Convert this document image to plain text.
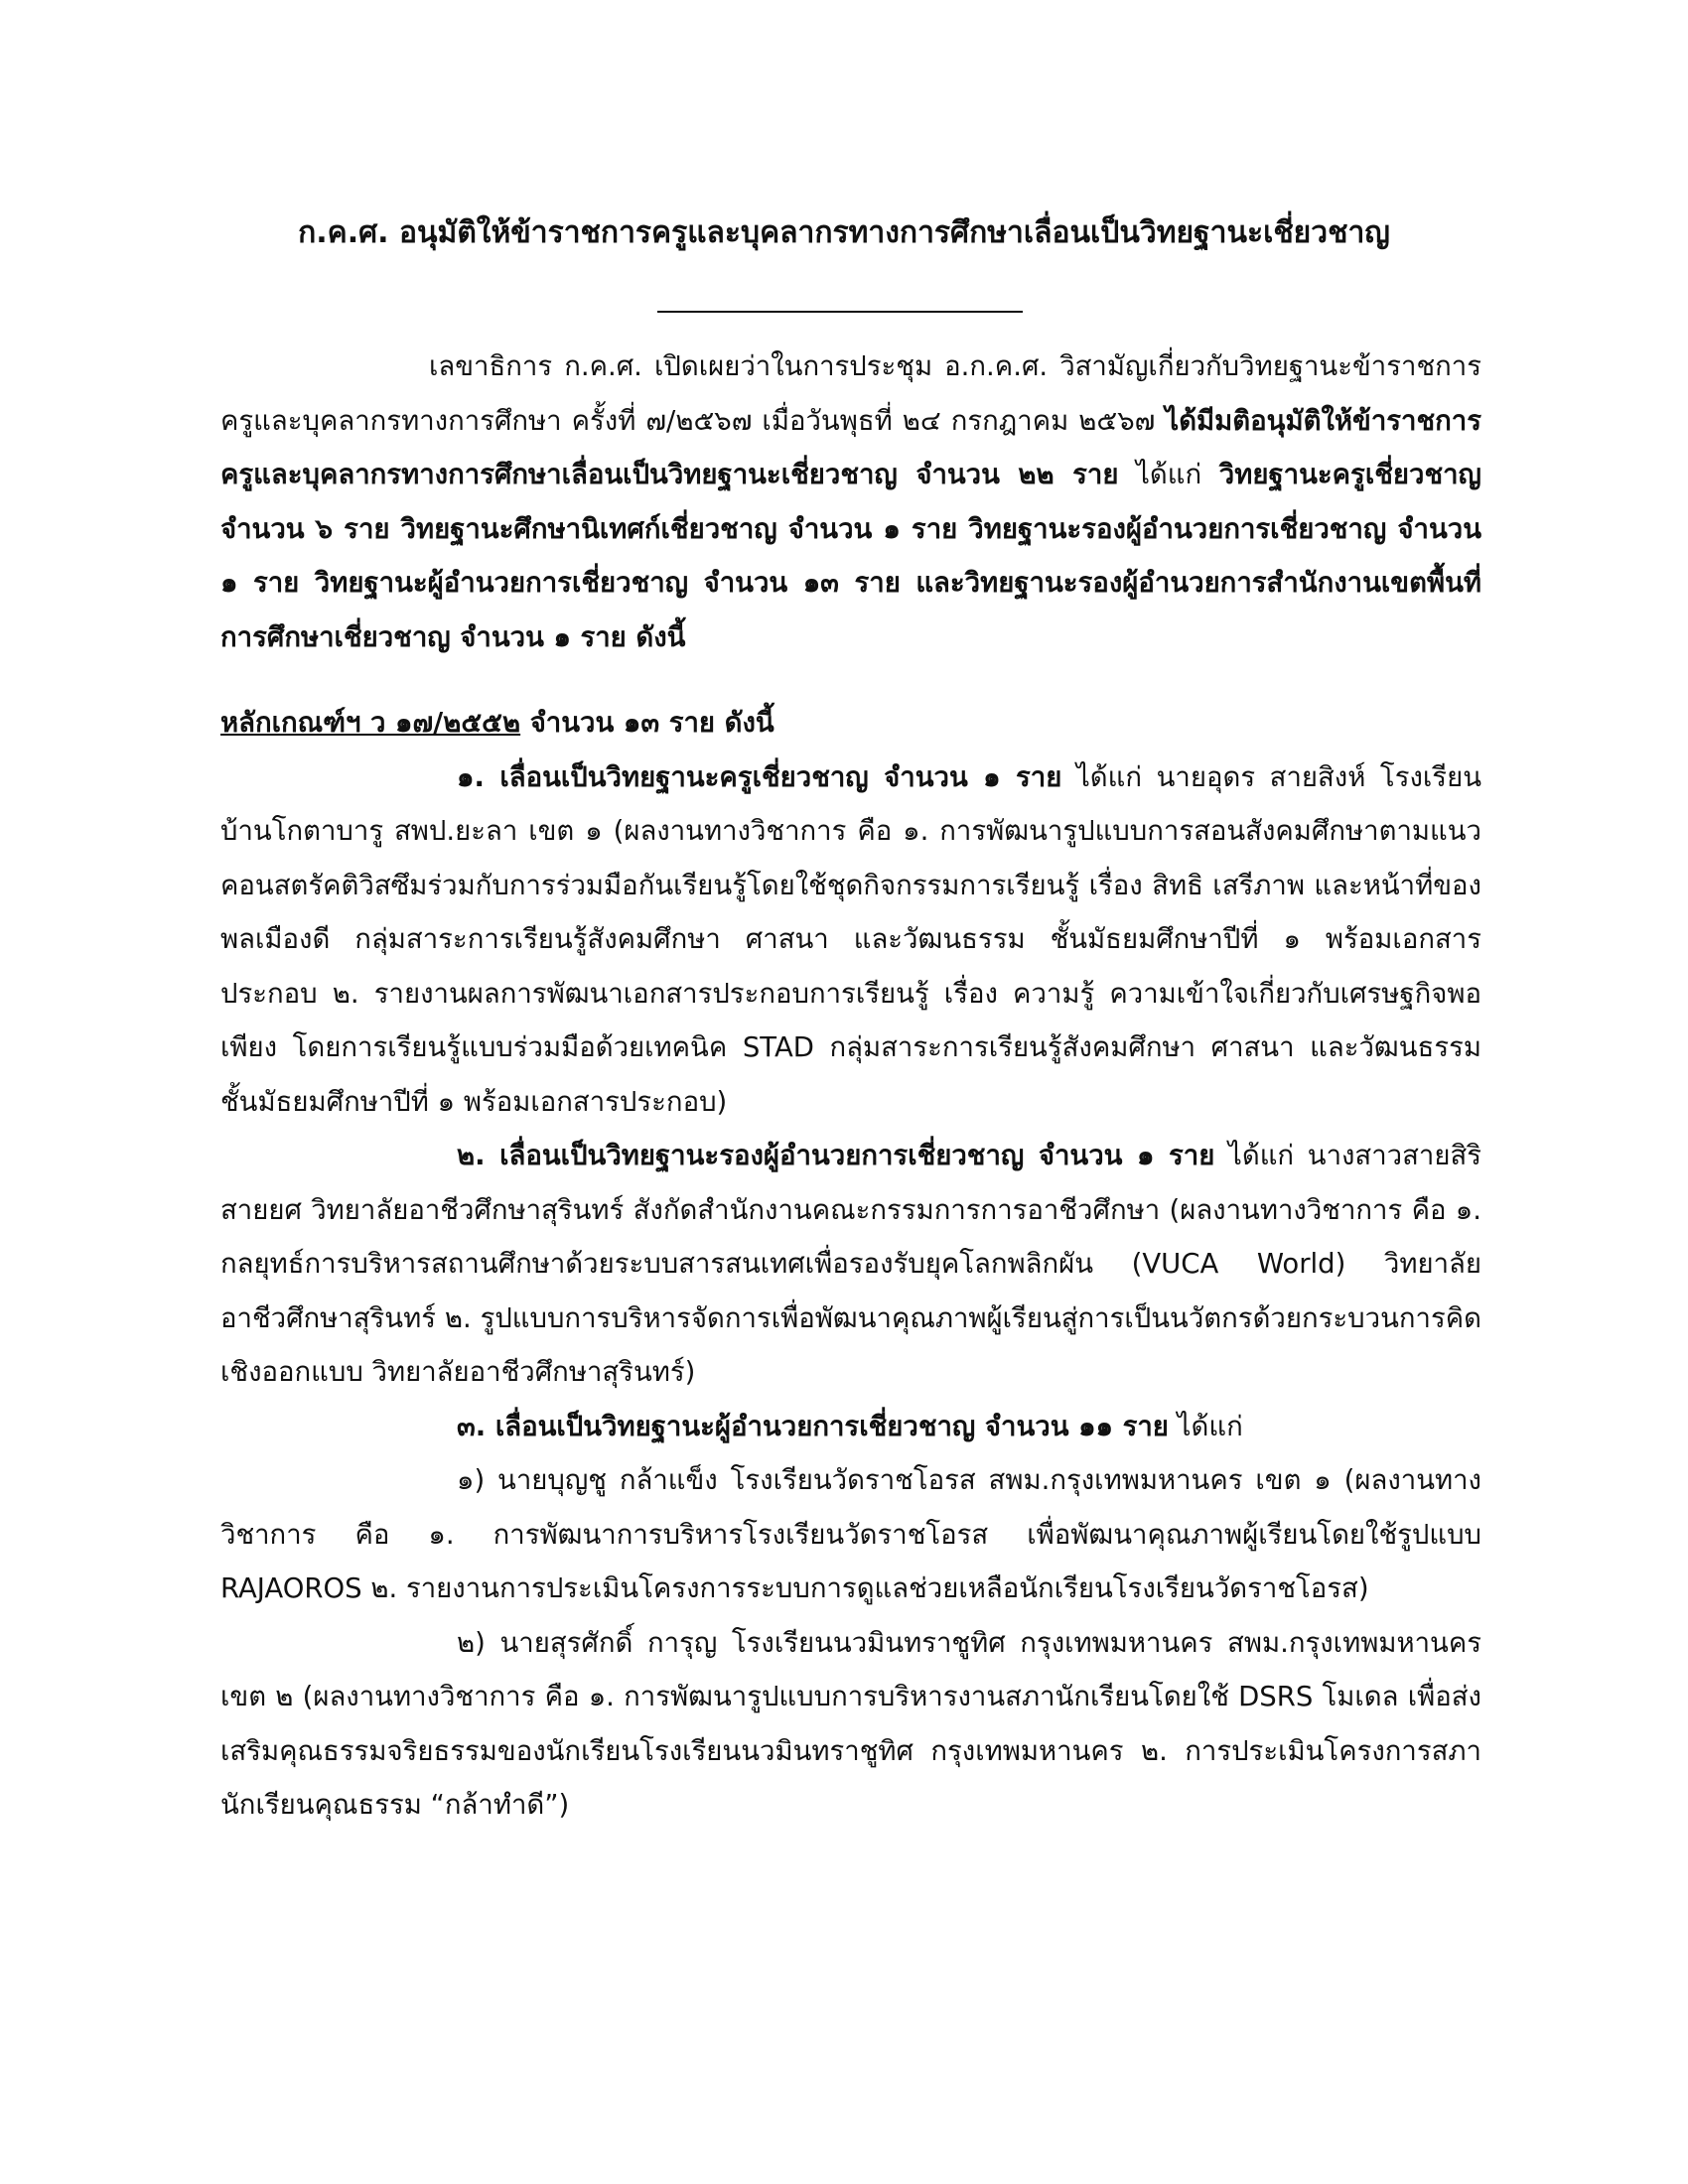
ก.ค.ศ. อนุมัติให้ข้าราชการครูและบุคลากรทางการศึกษาเลื่อนเป็นวิทยฐานะเชี่ยวชาญ

เลขาธิการ ก.ค.ศ. เปิดเผยว่าในการประชุม อ.ก.ค.ศ. วิสามัญเกี่ยวกับวิทยฐานะข้าราชการครูและบุคลากรทางการศึกษา ครั้งที่ ๗/๒๕๖๗ เมื่อวันพุธที่ ๒๔ กรกฎาคม ๒๕๖๗ ได้มีมติอนุมัติให้ข้าราชการครูและบุคลากรทางการศึกษาเลื่อนเป็นวิทยฐานะเชี่ยวชาญ จำนวน ๒๒ ราย ได้แก่ วิทยฐานะครูเชี่ยวชาญ จำนวน ๖ ราย วิทยฐานะศึกษานิเทศก์เชี่ยวชาญ จำนวน ๑ ราย วิทยฐานะรองผู้อำนวยการเชี่ยวชาญ จำนวน ๑ ราย วิทยฐานะผู้อำนวยการเชี่ยวชาญ จำนวน ๑๓ ราย และวิทยฐานะรองผู้อำนวยการสำนักงานเขตพื้นที่การศึกษาเชี่ยวชาญ จำนวน ๑ ราย ดังนี้

หลักเกณฑ์ฯ ว ๑๗/๒๕๕๒ จำนวน ๑๓ ราย ดังนี้

๑. เลื่อนเป็นวิทยฐานะครูเชี่ยวชาญ จำนวน ๑ ราย ได้แก่ นายอุดร สายสิงห์ โรงเรียนบ้านโกตาบารู สพป.ยะลา เขต ๑ (ผลงานทางวิชาการ คือ ๑. การพัฒนารูปแบบการสอนสังคมศึกษาตามแนวคอนสตรัคติวิสซึมร่วมกับการร่วมมือกันเรียนรู้โดยใช้ชุดกิจกรรมการเรียนรู้ เรื่อง สิทธิ เสรีภาพ และหน้าที่ของพลเมืองดี กลุ่มสาระการเรียนรู้สังคมศึกษา ศาสนา และวัฒนธรรม ชั้นมัธยมศึกษาปีที่ ๑ พร้อมเอกสารประกอบ ๒. รายงานผลการพัฒนาเอกสารประกอบการเรียนรู้ เรื่อง ความรู้ ความเข้าใจเกี่ยวกับเศรษฐกิจพอเพียง โดยการเรียนรู้แบบร่วมมือด้วยเทคนิค STAD กลุ่มสาระการเรียนรู้สังคมศึกษา ศาสนา และวัฒนธรรม ชั้นมัธยมศึกษาปีที่ ๑ พร้อมเอกสารประกอบ)

๒. เลื่อนเป็นวิทยฐานะรองผู้อำนวยการเชี่ยวชาญ จำนวน ๑ ราย ได้แก่ นางสาวสายสิริ สายยศ วิทยาลัยอาชีวศึกษาสุรินทร์ สังกัดสำนักงานคณะกรรมการการอาชีวศึกษา (ผลงานทางวิชาการ คือ ๑. กลยุทธ์การบริหารสถานศึกษาด้วยระบบสารสนเทศเพื่อรองรับยุคโลกพลิกผัน (VUCA World) วิทยาลัยอาชีวศึกษาสุรินทร์ ๒. รูปแบบการบริหารจัดการเพื่อพัฒนาคุณภาพผู้เรียนสู่การเป็นนวัตกรด้วยกระบวนการคิดเชิงออกแบบ วิทยาลัยอาชีวศึกษาสุรินทร์)

๓. เลื่อนเป็นวิทยฐานะผู้อำนวยการเชี่ยวชาญ จำนวน ๑๑ ราย ได้แก่

๑) นายบุญชู กล้าแข็ง โรงเรียนวัดราชโอรส สพม.กรุงเทพมหานคร เขต ๑ (ผลงานทางวิชาการ คือ ๑. การพัฒนาการบริหารโรงเรียนวัดราชโอรส เพื่อพัฒนาคุณภาพผู้เรียนโดยใช้รูปแบบ RAJAOROS ๒. รายงานการประเมินโครงการระบบการดูแลช่วยเหลือนักเรียนโรงเรียนวัดราชโอรส)

๒) นายสุรศักดิ์ การุญ โรงเรียนนวมินทราชูทิศ กรุงเทพมหานคร สพม.กรุงเทพมหานคร เขต ๒ (ผลงานทางวิชาการ คือ ๑. การพัฒนารูปแบบการบริหารงานสภานักเรียนโดยใช้ DSRS โมเดล เพื่อส่งเสริมคุณธรรมจริยธรรมของนักเรียนโรงเรียนนวมินทราชูทิศ กรุงเทพมหานคร ๒. การประเมินโครงการสภานักเรียนคุณธรรม “กล้าทำดี”)
